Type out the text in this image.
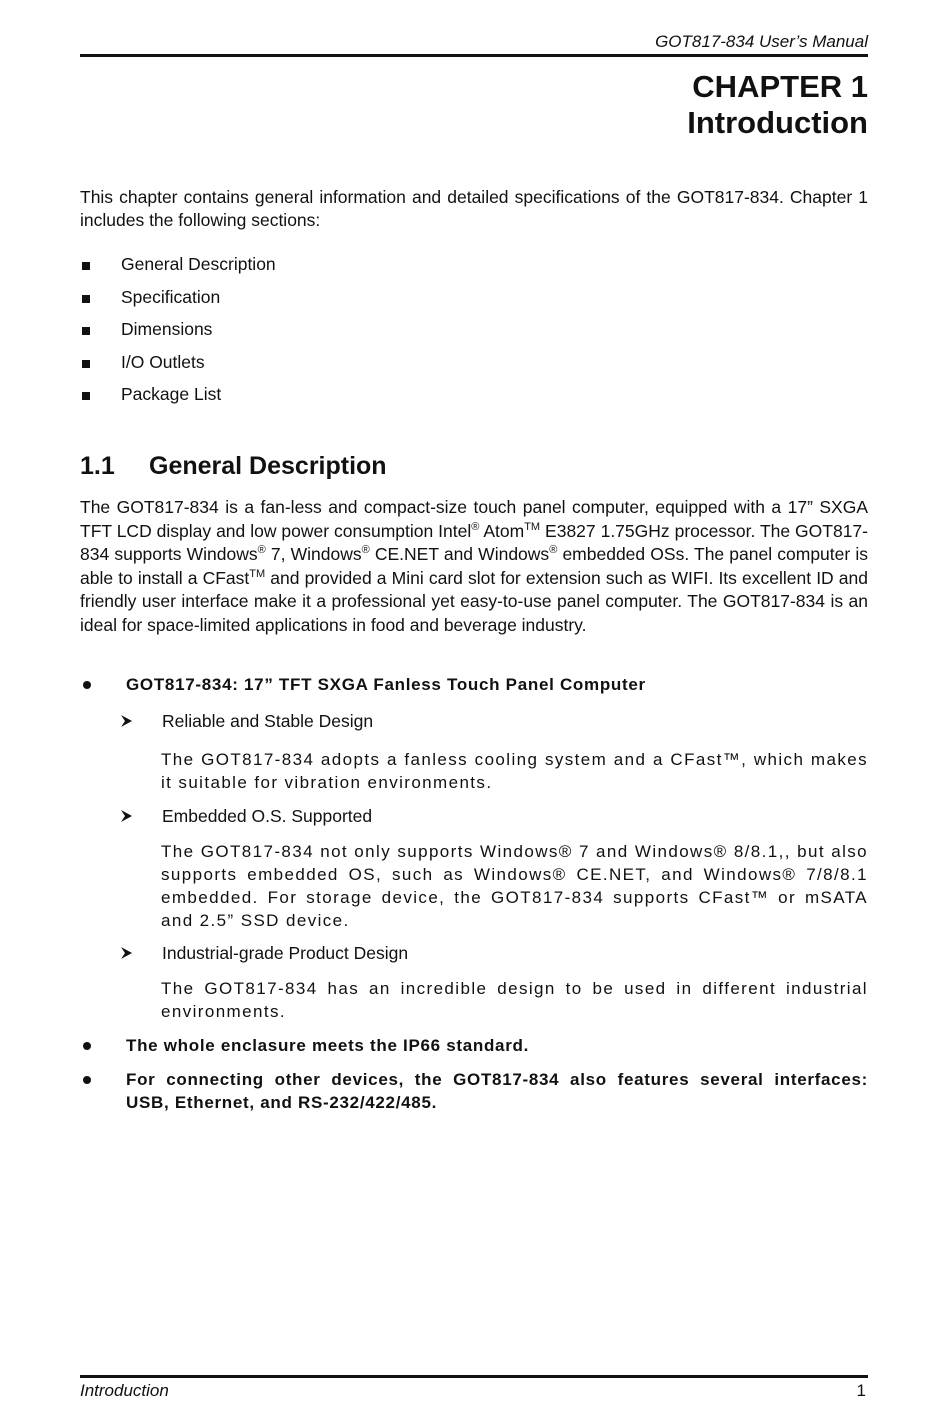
GOT817-834 User’s Manual
CHAPTER 1
Introduction
This chapter contains general information and detailed specifications of the GOT817-834. Chapter 1 includes the following sections:
General Description
Specification
Dimensions
I/O Outlets
Package List
1.1 General Description
The GOT817-834 is a fan-less and compact-size touch panel computer, equipped with a 17” SXGA TFT LCD display and low power consumption Intel® Atom™ E3827 1.75GHz processor. The GOT817-834 supports Windows® 7, Windows® CE.NET and Windows® embedded OSs. The panel computer is able to install a CFast™ and provided a Mini card slot for extension such as WIFI. Its excellent ID and friendly user interface make it a professional yet easy-to-use panel computer. The GOT817-834 is an ideal for space-limited applications in food and beverage industry.
GOT817-834: 17” TFT SXGA Fanless Touch Panel Computer
Reliable and Stable Design
The GOT817-834 adopts a fanless cooling system and a CFast™, which makes it suitable for vibration environments.
Embedded O.S. Supported
The GOT817-834 not only supports Windows® 7 and Windows® 8/8.1,, but also supports embedded OS, such as Windows® CE.NET, and Windows® 7/8/8.1 embedded. For storage device, the GOT817-834 supports CFast™ or mSATA and 2.5” SSD device.
Industrial-grade Product Design
The GOT817-834 has an incredible design to be used in different industrial environments.
The whole enclasure meets the IP66 standard.
For connecting other devices, the GOT817-834 also features several interfaces: USB, Ethernet, and RS-232/422/485.
Introduction	1
